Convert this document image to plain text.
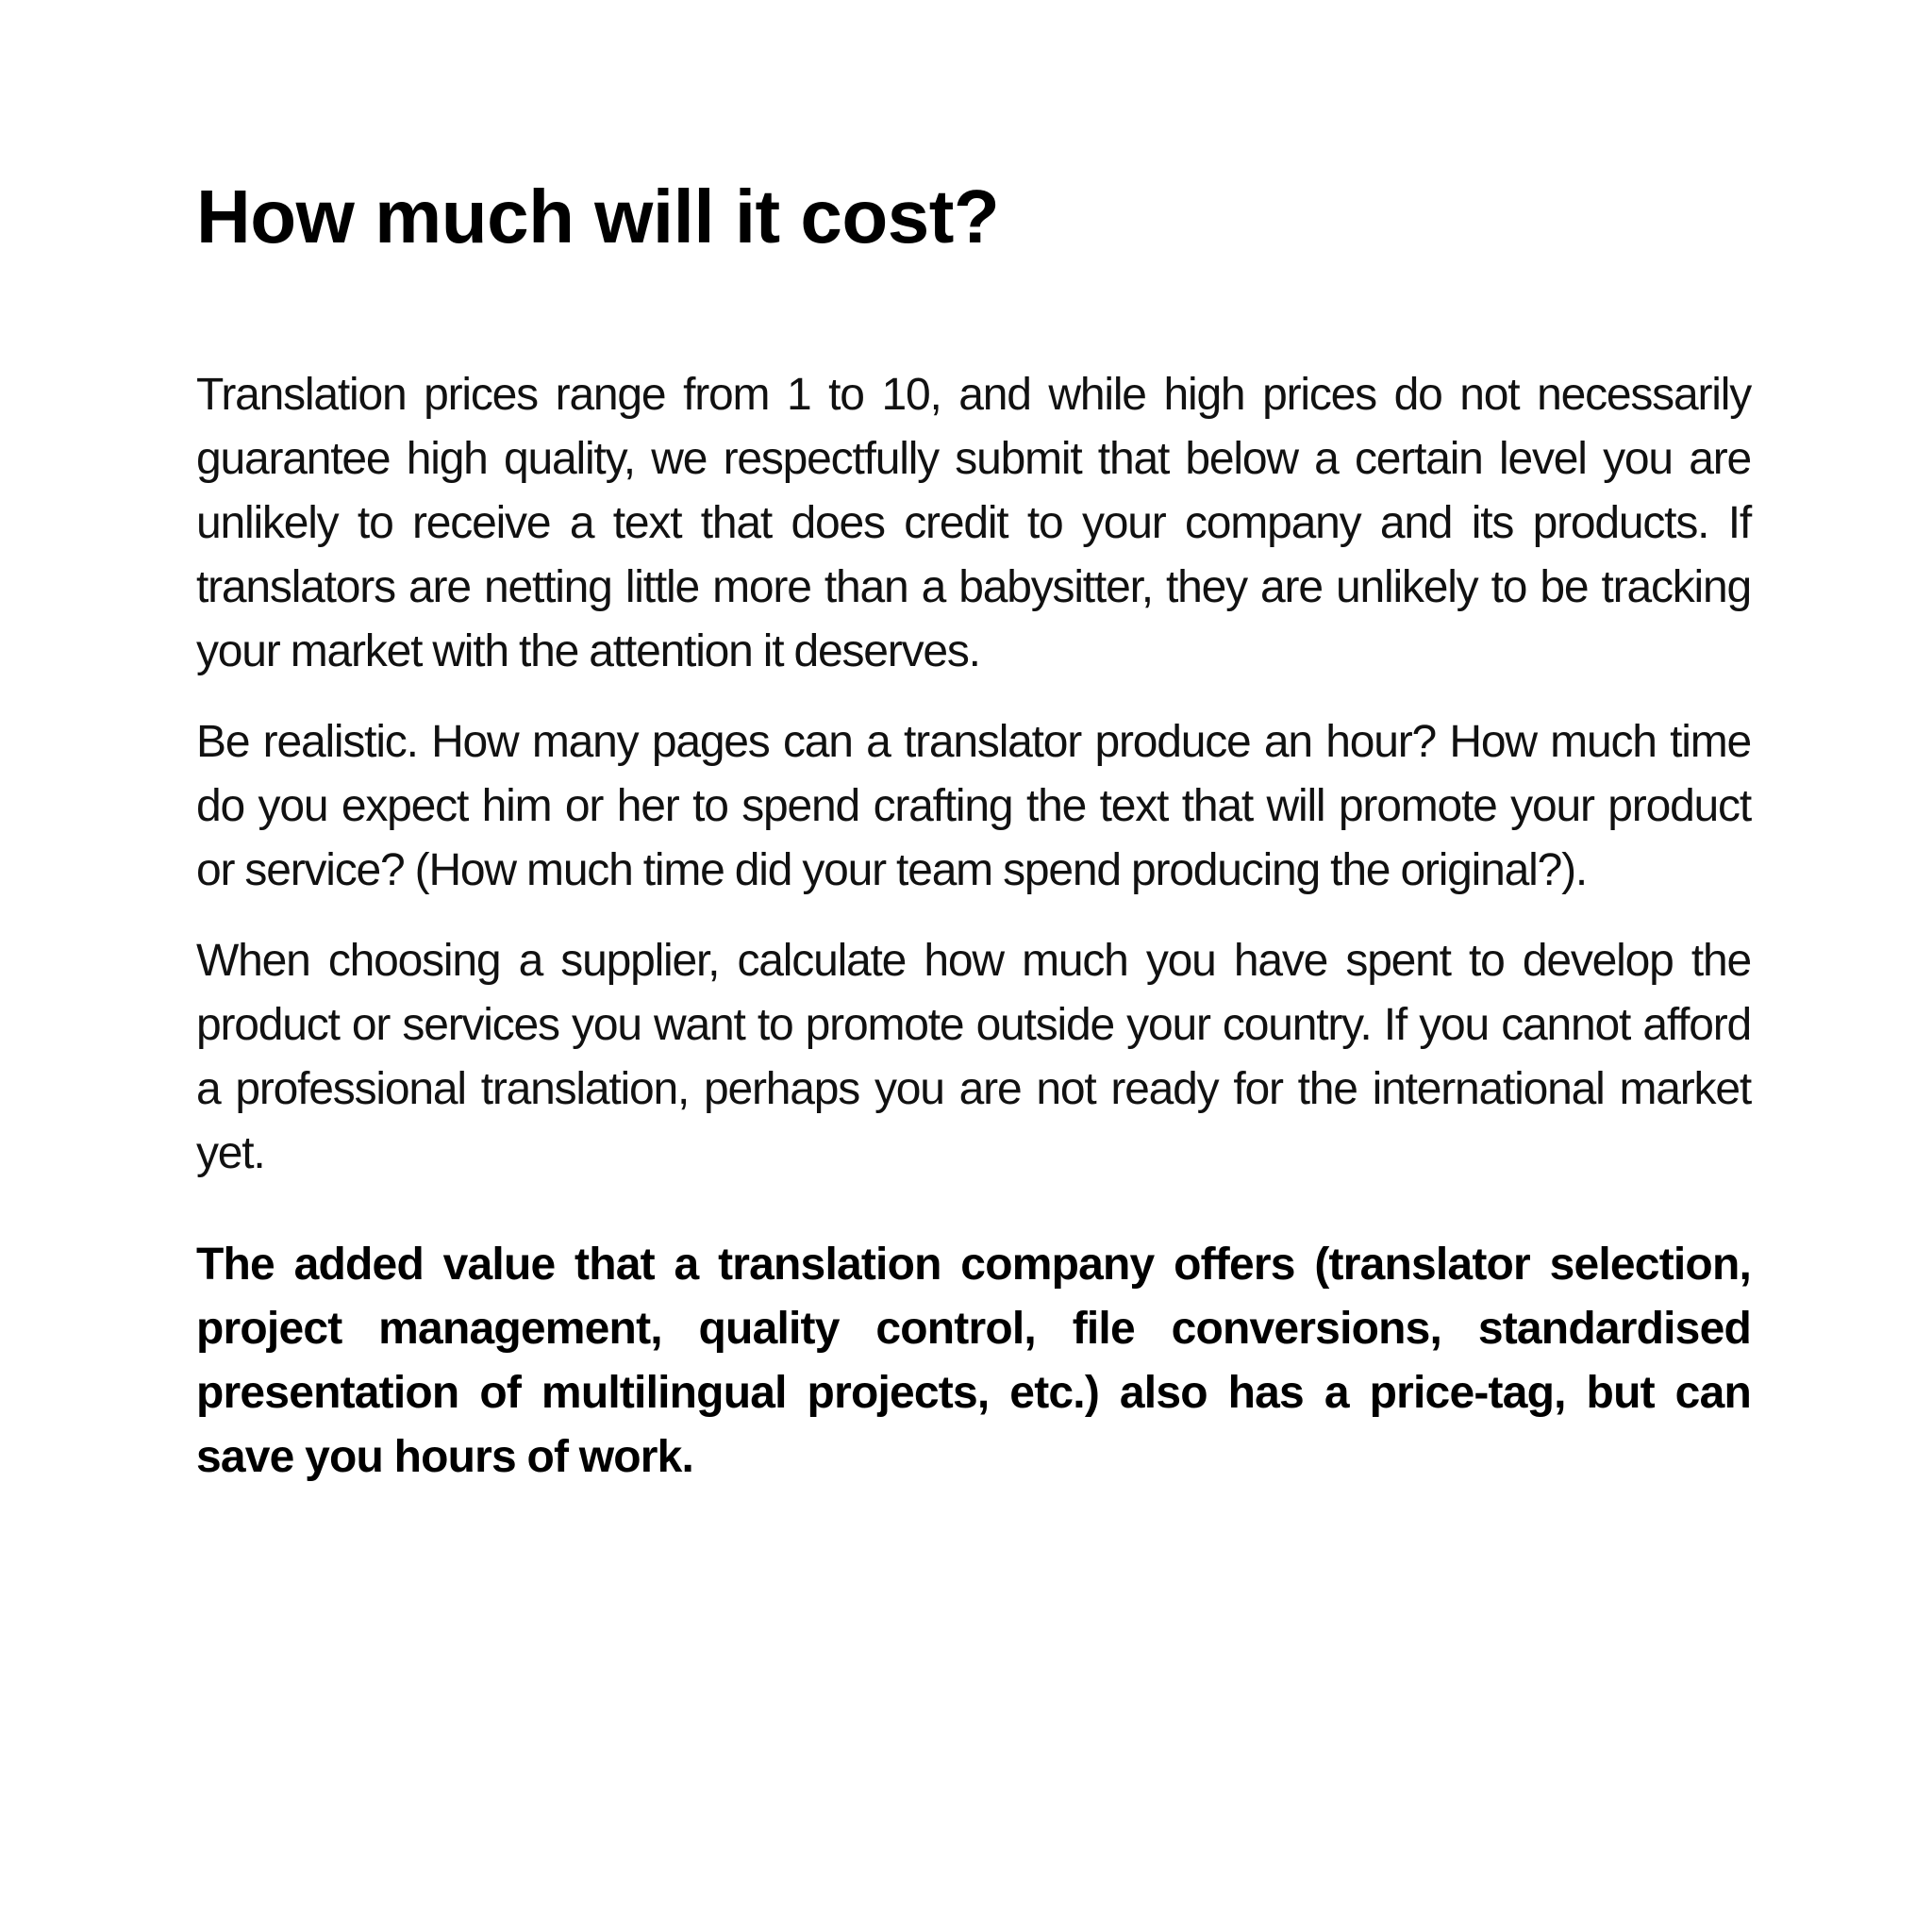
How much will it cost?

Translation prices range from 1 to 10, and while high prices do not necessarily guarantee high quality, we respectfully submit that below a certain level you are unlikely to receive a text that does credit to your company and its products. If translators are netting little more than a babysitter, they are unlikely to be tracking your market with the attention it deserves.

Be realistic. How many pages can a translator produce an hour? How much time do you expect him or her to spend crafting the text that will promote your product or service? (How much time did your team spend producing the original?).

When choosing a supplier, calculate how much you have spent to develop the product or services you want to promote outside your country. If you cannot afford a professional translation, perhaps you are not ready for the international market yet.

The added value that a translation company offers (translator selection, project management, quality control, file conversions, standardised presentation of multilingual projects, etc.) also has a price-tag, but can save you hours of work.
